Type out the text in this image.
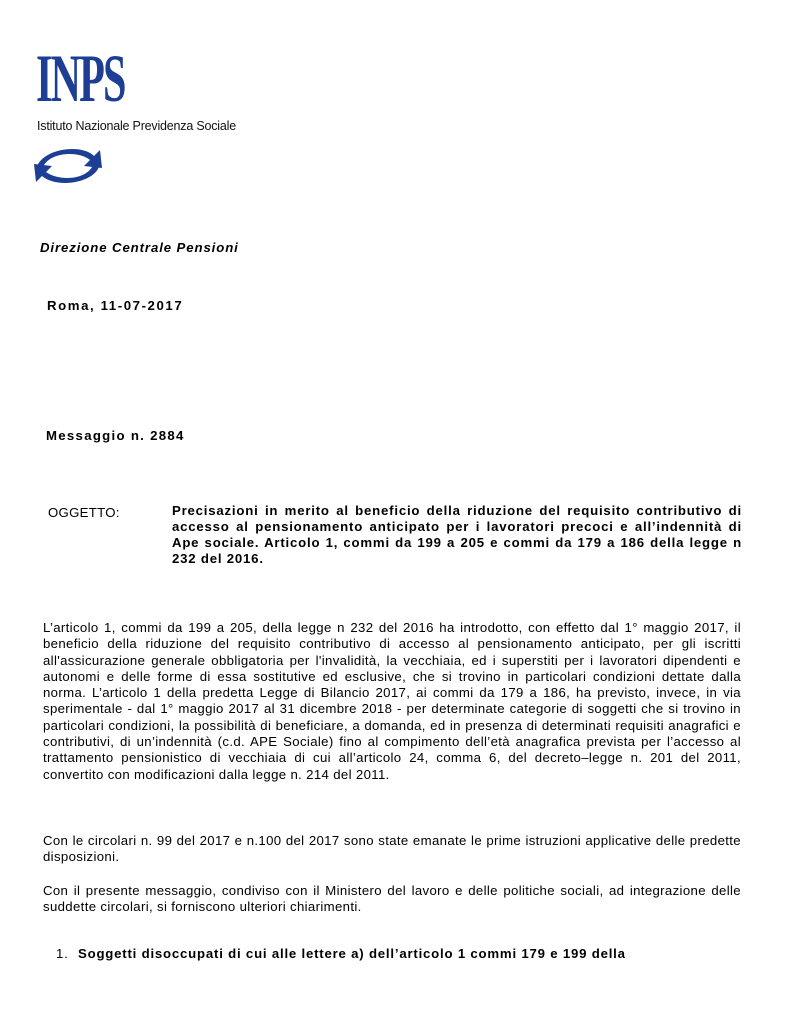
INPS
Istituto Nazionale Previdenza Sociale
Direzione Centrale Pensioni
Roma, 11-07-2017
Messaggio n. 2884
OGGETTO:	Precisazioni in merito al beneficio della riduzione del requisito contributivo di accesso al pensionamento anticipato per i lavoratori precoci e all’indennità di Ape sociale. Articolo 1, commi da 199 a 205 e commi da 179 a 186 della legge n 232 del 2016.
L’articolo 1, commi da 199 a 205, della legge n 232 del 2016 ha introdotto, con effetto dal 1° maggio 2017, il beneficio della riduzione del requisito contributivo di accesso al pensionamento anticipato, per gli iscritti all'assicurazione generale obbligatoria per l'invalidità, la vecchiaia, ed i superstiti per i lavoratori dipendenti e autonomi e delle forme di essa sostitutive ed esclusive, che si trovino in particolari condizioni dettate dalla norma. L’articolo 1 della predetta Legge di Bilancio 2017, ai commi da 179 a 186, ha previsto, invece, in via sperimentale - dal 1° maggio 2017 al 31 dicembre 2018 - per determinate categorie di soggetti che si trovino in particolari condizioni, la possibilità di beneficiare, a domanda, ed in presenza di determinati requisiti anagrafici e contributivi, di un’indennità (c.d. APE Sociale) fino al compimento dell’età anagrafica prevista per l’accesso al trattamento pensionistico di vecchiaia di cui all’articolo 24, comma 6, del decreto–legge n. 201 del 2011, convertito con modificazioni dalla legge n. 214 del 2011.
Con le circolari n. 99 del 2017 e n.100 del 2017 sono state emanate le prime istruzioni applicative delle predette disposizioni.
Con il presente messaggio, condiviso con il Ministero del lavoro e delle politiche sociali, ad integrazione delle suddette circolari, si forniscono ulteriori chiarimenti.
1. Soggetti disoccupati di cui alle lettere a) dell’articolo 1 commi 179 e 199 della
